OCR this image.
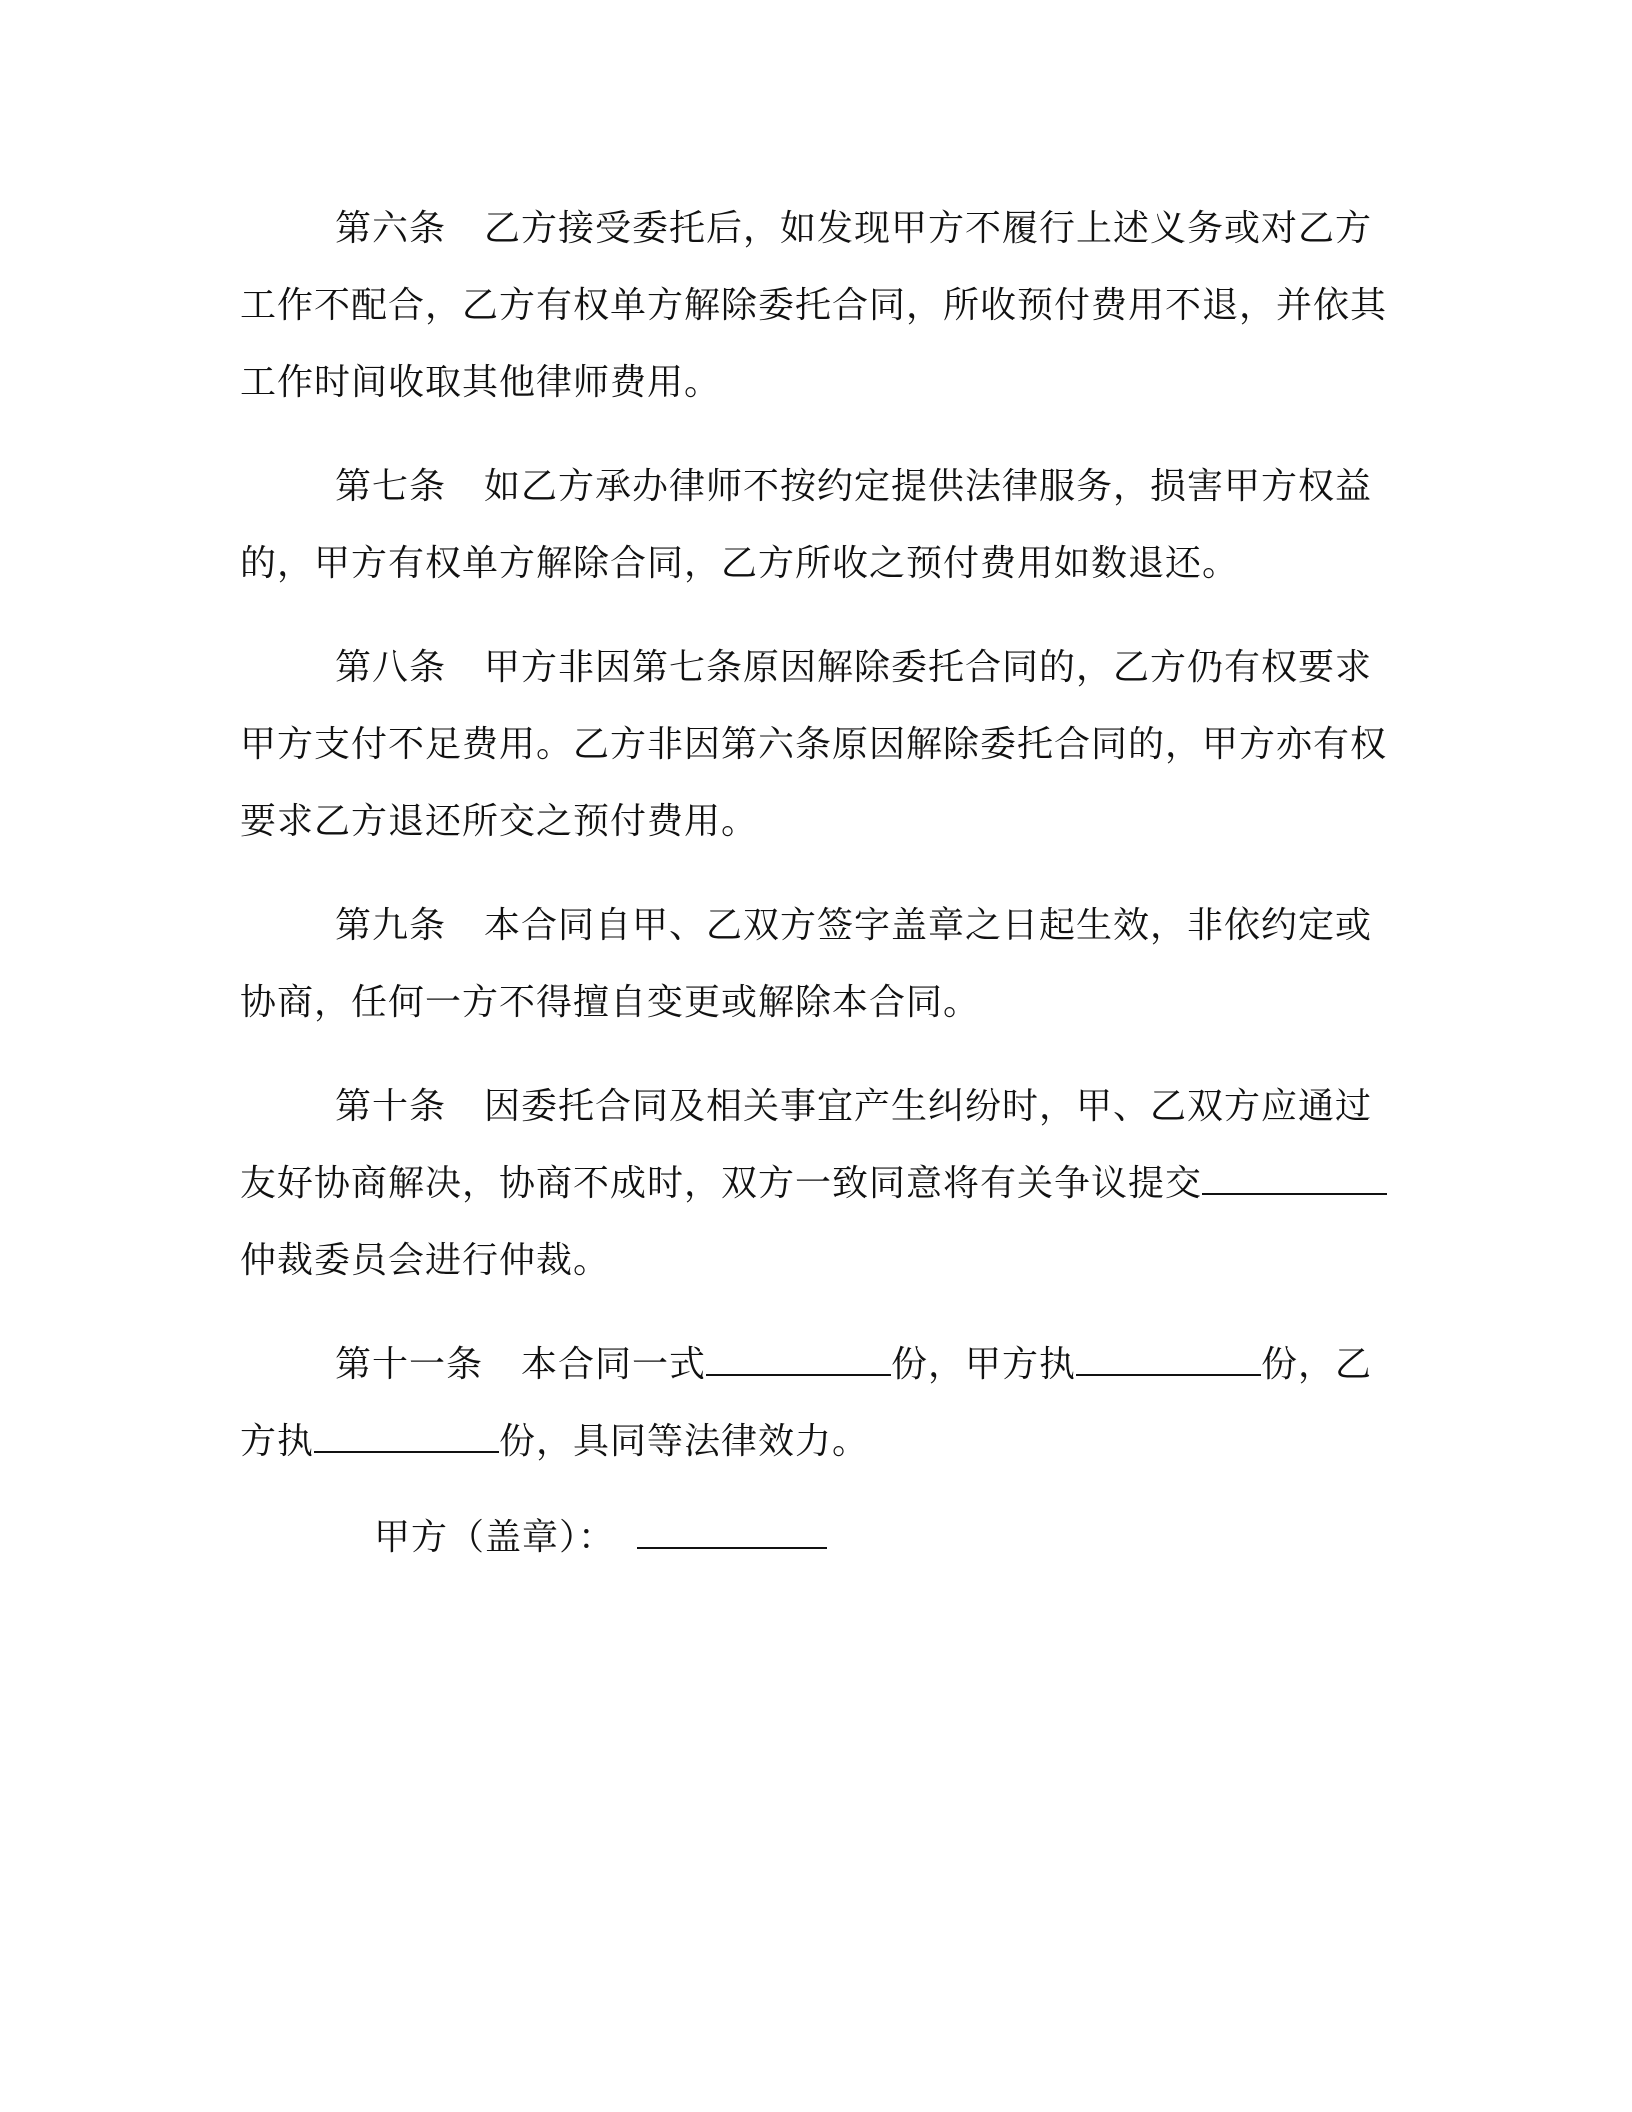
第六条 乙方接受委托后，如发现甲方不履行上述义务或对乙方工作不配合，乙方有权单方解除委托合同，所收预付费用不退，并依其工作时间收取其他律师费用。

第七条 如乙方承办律师不按约定提供法律服务，损害甲方权益的，甲方有权单方解除合同，乙方所收之预付费用如数退还。

第八条 甲方非因第七条原因解除委托合同的，乙方仍有权要求甲方支付不足费用。乙方非因第六条原因解除委托合同的，甲方亦有权要求乙方退还所交之预付费用。

第九条 本合同自甲、乙双方签字盖章之日起生效，非依约定或协商，任何一方不得擅自变更或解除本合同。

第十条 因委托合同及相关事宜产生纠纷时，甲、乙双方应通过友好协商解决，协商不成时，双方一致同意将有关争议提交仲裁委员会进行仲裁。

第十一条 本合同一式	份，甲方执	份，乙方执	份，具同等法律效力。

甲方（盖章）：
